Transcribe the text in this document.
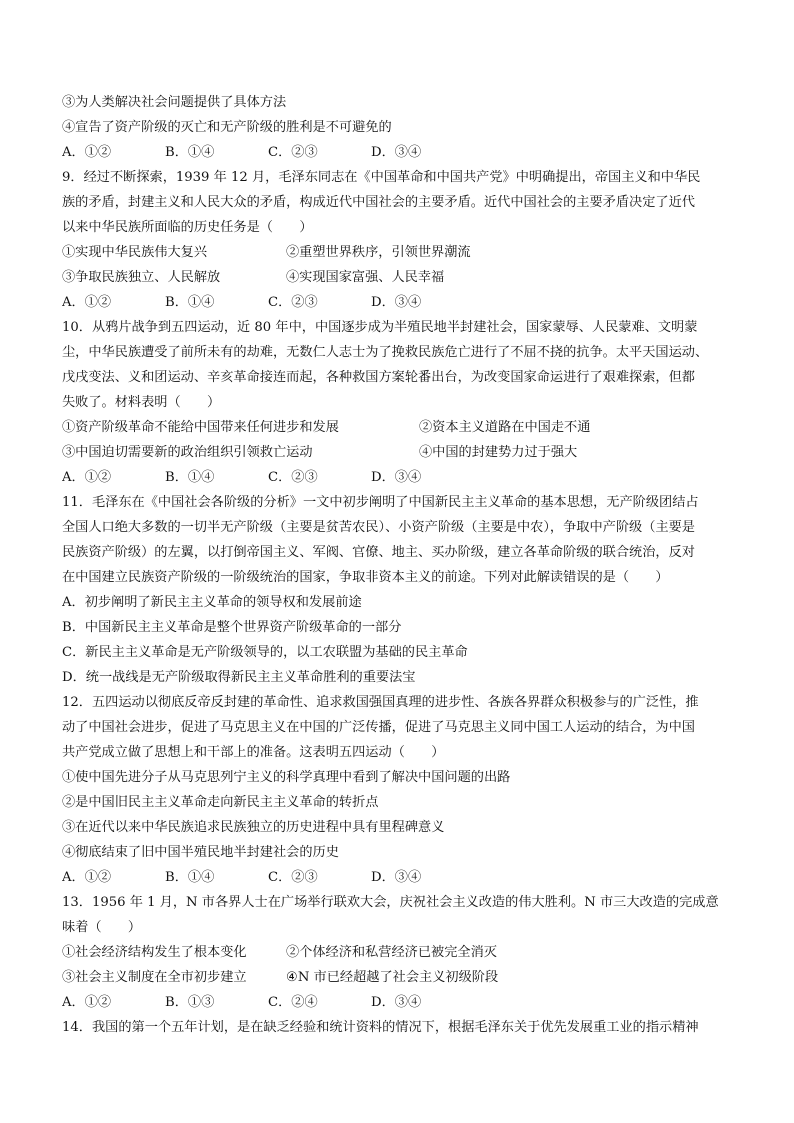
③为人类解决社会问题提供了具体方法
④宣告了资产阶级的灭亡和无产阶级的胜利是不可避免的
A．①②	B．①④	C．②③	D．③④
9．经过不断探索，1939 年 12 月，毛泽东同志在《中国革命和中国共产党》中明确提出，帝国主义和中华民
族的矛盾，封建主义和人民大众的矛盾，构成近代中国社会的主要矛盾。近代中国社会的主要矛盾决定了近代
以来中华民族所面临的历史任务是（　　）
①实现中华民族伟大复兴	②重塑世界秩序，引领世界潮流
③争取民族独立、人民解放	④实现国家富强、人民幸福
A．①②	B．①④	C．②③	D．③④
10．从鸦片战争到五四运动，近 80 年中，中国逐步成为半殖民地半封建社会，国家蒙辱、人民蒙难、文明蒙
尘，中华民族遭受了前所未有的劫难，无数仁人志士为了挽救民族危亡进行了不屈不挠的抗争。太平天国运动、
戊戌变法、义和团运动、辛亥革命接连而起，各种救国方案轮番出台，为改变国家命运进行了艰难探索，但都
失败了。材料表明（　　）
①资产阶级革命不能给中国带来任何进步和发展	②资本主义道路在中国走不通
③中国迫切需要新的政治组织引领救亡运动	④中国的封建势力过于强大
A．①②	B．①④	C．②③	D．③④
11．毛泽东在《中国社会各阶级的分析》一文中初步阐明了中国新民主主义革命的基本思想，无产阶级团结占
全国人口绝大多数的一切半无产阶级（主要是贫苦农民）、小资产阶级（主要是中农），争取中产阶级（主要是
民族资产阶级）的左翼，以打倒帝国主义、军阀、官僚、地主、买办阶级，建立各革命阶级的联合统治，反对
在中国建立民族资产阶级的一阶级统治的国家，争取非资本主义的前途。下列对此解读错误的是（　　）
A．初步阐明了新民主主义革命的领导权和发展前途
B．中国新民主主义革命是整个世界资产阶级革命的一部分
C．新民主主义革命是无产阶级领导的，以工农联盟为基础的民主革命
D．统一战线是无产阶级取得新民主主义革命胜利的重要法宝
12．五四运动以彻底反帝反封建的革命性、追求救国强国真理的进步性、各族各界群众积极参与的广泛性，推
动了中国社会进步，促进了马克思主义在中国的广泛传播，促进了马克思主义同中国工人运动的结合，为中国
共产党成立做了思想上和干部上的准备。这表明五四运动（　　）
①使中国先进分子从马克思列宁主义的科学真理中看到了解决中国问题的出路
②是中国旧民主主义革命走向新民主主义革命的转折点
③在近代以来中华民族追求民族独立的历史进程中具有里程碑意义
④彻底结束了旧中国半殖民地半封建社会的历史
A．①②	B．①④	C．②③	D．③④
13．1956 年 1 月，N 市各界人士在广场举行联欢大会，庆祝社会主义改造的伟大胜利。N 市三大改造的完成意
味着（　　）
①社会经济结构发生了根本变化	②个体经济和私营经济已被完全消灭
③社会主义制度在全市初步建立	④N 市已经超越了社会主义初级阶段
A．①②	B．①③	C．②④	D．③④
14．我国的第一个五年计划，是在缺乏经验和统计资料的情况下，根据毛泽东关于优先发展重工业的指示精神
